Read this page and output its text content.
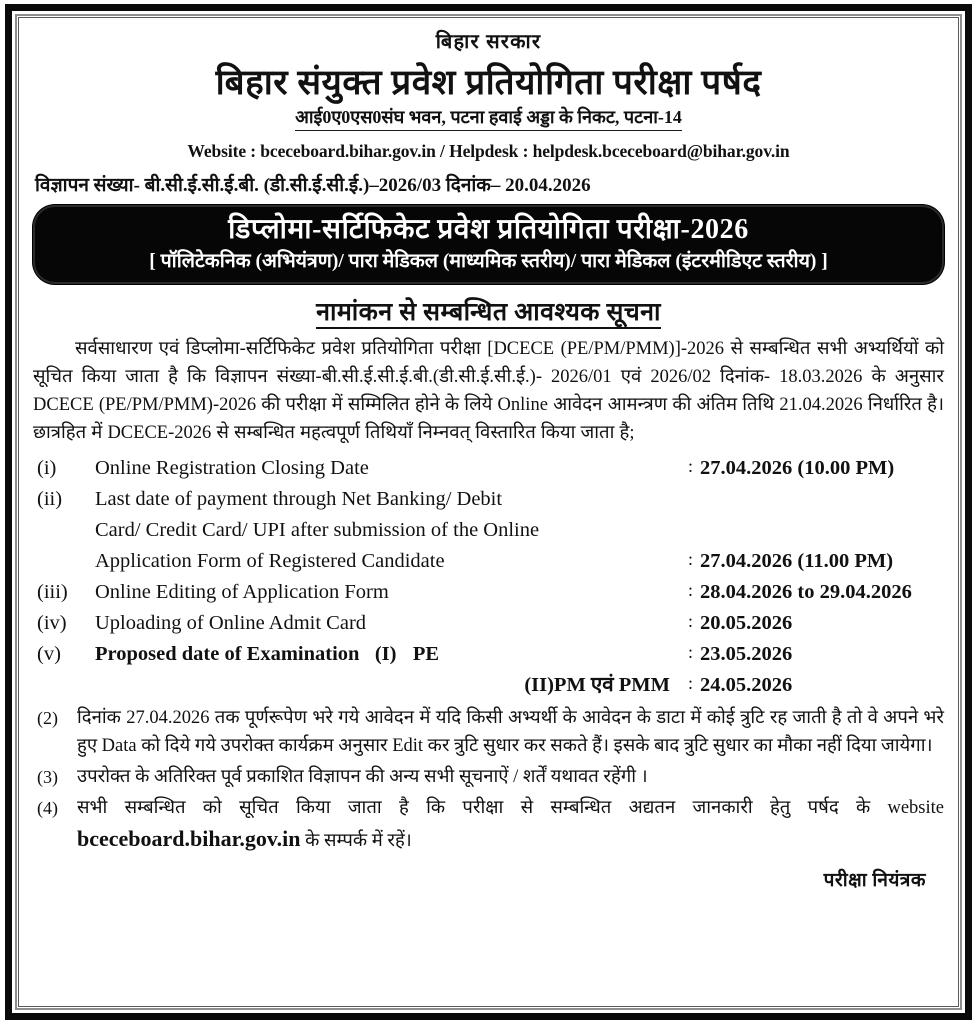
बिहार सरकार
बिहार संयुक्त प्रवेश प्रतियोगिता परीक्षा पर्षद
आई0ए0एस0संघ भवन, पटना हवाई अड्डा के निकट, पटना-14
Website : bceceboard.bihar.gov.in / Helpdesk : helpdesk.bceceboard@bihar.gov.in
विज्ञापन संख्या- बी.सी.ई.सी.ई.बी. (डी.सी.ई.सी.ई.)–2026/03 दिनांक– 20.04.2026
डिप्लोमा-सर्टिफिकेट प्रवेश प्रतियोगिता परीक्षा-2026
[ पॉलिटेकनिक (अभियंत्रण)/ पारा मेडिकल (माध्यमिक स्तरीय)/ पारा मेडिकल (इंटरमीडिएट स्तरीय) ]
नामांकन से सम्बन्धित आवश्यक सूचना
सर्वसाधारण एवं डिप्लोमा-सर्टिफिकेट प्रवेश प्रतियोगिता परीक्षा [DCECE (PE/PM/PMM)]-2026 से सम्बन्धित सभी अभ्यर्थियों को सूचित किया जाता है कि विज्ञापन संख्या-बी.सी.ई.सी.ई.बी.(डी.सी.ई.सी.ई.)- 2026/01 एवं 2026/02 दिनांक- 18.03.2026 के अनुसार DCECE (PE/PM/PMM)-2026 की परीक्षा में सम्मिलित होने के लिये Online आवेदन आमन्त्रण की अंतिम तिथि 21.04.2026 निर्धारित है। छात्रहित में DCECE-2026 से सम्बन्धित महत्वपूर्ण तिथियाँ निम्नवत् विस्तारित किया जाता है;
(i)	Online Registration Closing Date	:	27.04.2026 (10.00 PM)
(ii)	Last date of payment through Net Banking/ Debit		
	Card/ Credit Card/ UPI after submission of the Online		
	Application Form of Registered Candidate	:	27.04.2026 (11.00 PM)
(iii)	Online Editing of Application Form	:	28.04.2026 to 29.04.2026
(iv)	Uploading of Online Admit Card	:	20.05.2026
(v)	Proposed date of Examination (I) PE	:	23.05.2026
	(II)PM एवं PMM	:	24.05.2026
(2)	दिनांक 27.04.2026 तक पूर्णरूपेण भरे गये आवेदन में यदि किसी अभ्यर्थी के आवेदन के डाटा में कोई त्रुटि रह जाती है तो वे अपने भरे हुए Data को दिये गये उपरोक्त कार्यक्रम अनुसार Edit कर त्रुटि सुधार कर सकते हैं। इसके बाद त्रुटि सुधार का मौका नहीं दिया जायेगा।
(3)	उपरोक्त के अतिरिक्त पूर्व प्रकाशित विज्ञापन की अन्य सभी सूचनाऐं / शर्तें यथावत रहेंगी ।
(4)	सभी सम्बन्धित को सूचित किया जाता है कि परीक्षा से सम्बन्धित अद्यतन जानकारी हेतु पर्षद के website bceceboard.bihar.gov.in के सम्पर्क में रहें।
परीक्षा नियंत्रक
